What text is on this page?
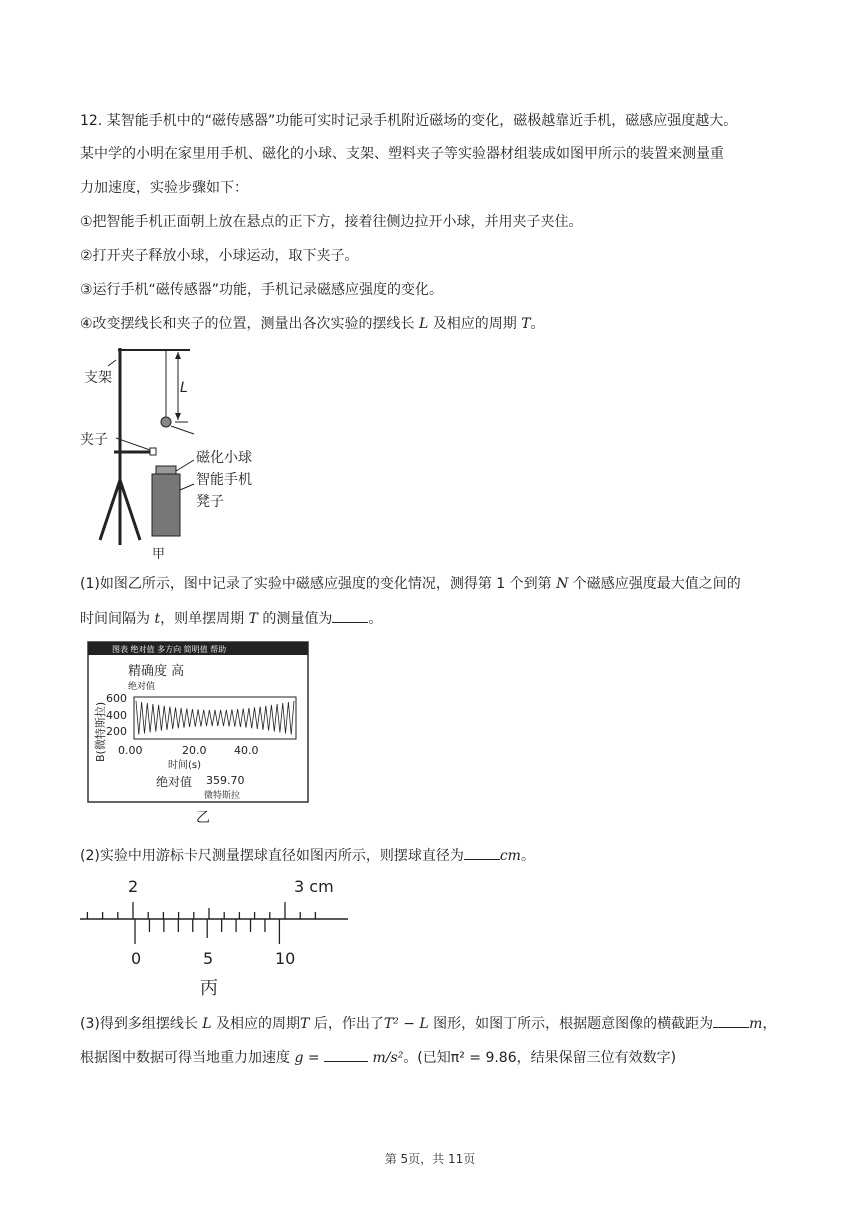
12. 某智能手机中的“磁传感器”功能可实时记录手机附近磁场的变化，磁极越靠近手机，磁感应强度越大。
某中学的小明在家里用手机、磁化的小球、支架、塑料夹子等实验器材组装成如图甲所示的装置来测量重
力加速度，实验步骤如下：
①把智能手机正面朝上放在悬点的正下方，接着往侧边拉开小球，并用夹子夹住。
②打开夹子释放小球，小球运动，取下夹子。
③运行手机“磁传感器”功能，手机记录磁感应强度的变化。
④改变摆线长和夹子的位置，测量出各次实验的摆线长 L 及相应的周期 T。
支架
L
夹子
磁化小球
智能手机
凳子
甲
(1)如图乙所示，图中记录了实验中磁感应强度的变化情况，测得第 1 个到第 N 个磁感应强度最大值之间的
时间间隔为 t，则单摆周期 T 的测量值为	。
图表 绝对值 多方向 简明值 帮助
精确度 高
绝对值
B(微特斯拉)
600
400
200
0.00	20.0	40.0
时间(s)
绝对值 359.70
微特斯拉
乙
(2)实验中用游标卡尺测量摆球直径如图丙所示，则摆球直径为	cm。
2	3 cm
0	5	10
丙
(3)得到多组摆线长 L 及相应的周期T 后，作出了T² − L 图形，如图丁所示，根据题意图像的横截距为	m，
根据图中数据可得当地重力加速度 g =	m/s²。(已知π² = 9.86，结果保留三位有效数字)
第 5页，共 11页
